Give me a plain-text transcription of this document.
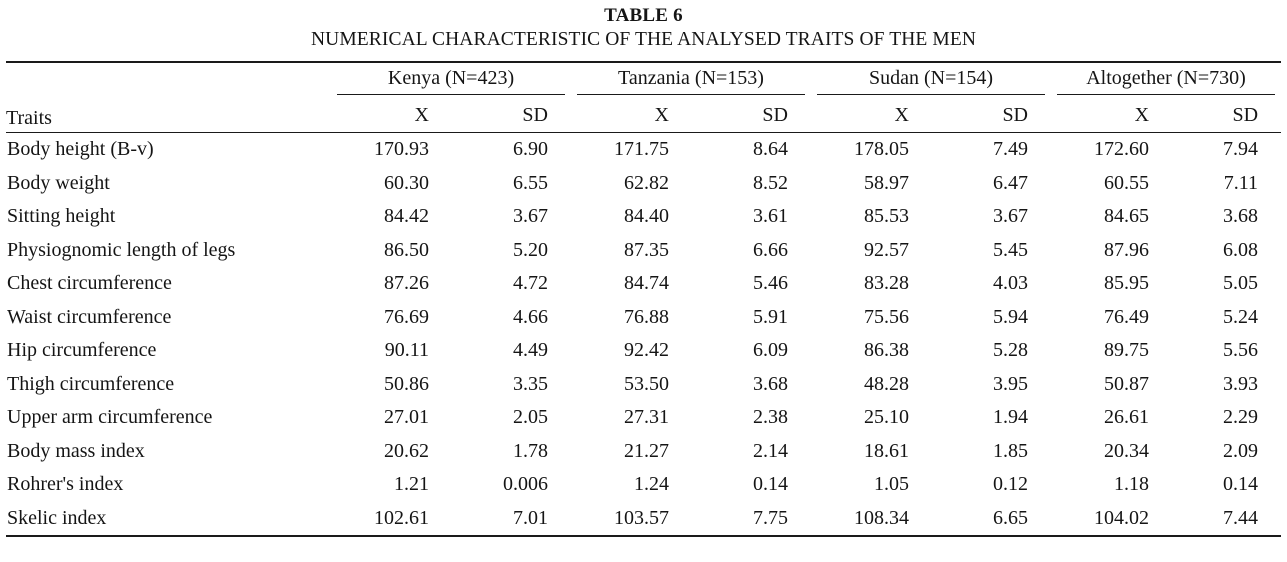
TABLE 6
NUMERICAL CHARACTERISTIC OF THE ANALYSED TRAITS OF THE MEN
Traits	Kenya (N=423)		Tanzania (N=153)		Sudan (N=154)		Altogether (N=730)	

	X	SD	X	SD	X	SD	X	SD
Body height (B-v)	170.93	6.90	171.75	8.64	178.05	7.49	172.60	7.94
Body weight	60.30	6.55	62.82	8.52	58.97	6.47	60.55	7.11
Sitting height	84.42	3.67	84.40	3.61	85.53	3.67	84.65	3.68
Physiognomic length of legs	86.50	5.20	87.35	6.66	92.57	5.45	87.96	6.08
Chest circumference	87.26	4.72	84.74	5.46	83.28	4.03	85.95	5.05
Waist circumference	76.69	4.66	76.88	5.91	75.56	5.94	76.49	5.24
Hip circumference	90.11	4.49	92.42	6.09	86.38	5.28	89.75	5.56
Thigh circumference	50.86	3.35	53.50	3.68	48.28	3.95	50.87	3.93
Upper arm circumference	27.01	2.05	27.31	2.38	25.10	1.94	26.61	2.29
Body mass index	20.62	1.78	21.27	2.14	18.61	1.85	20.34	2.09
Rohrer's index	1.21	0.006	1.24	0.14	1.05	0.12	1.18	0.14
Skelic index	102.61	7.01	103.57	7.75	108.34	6.65	104.02	7.44
